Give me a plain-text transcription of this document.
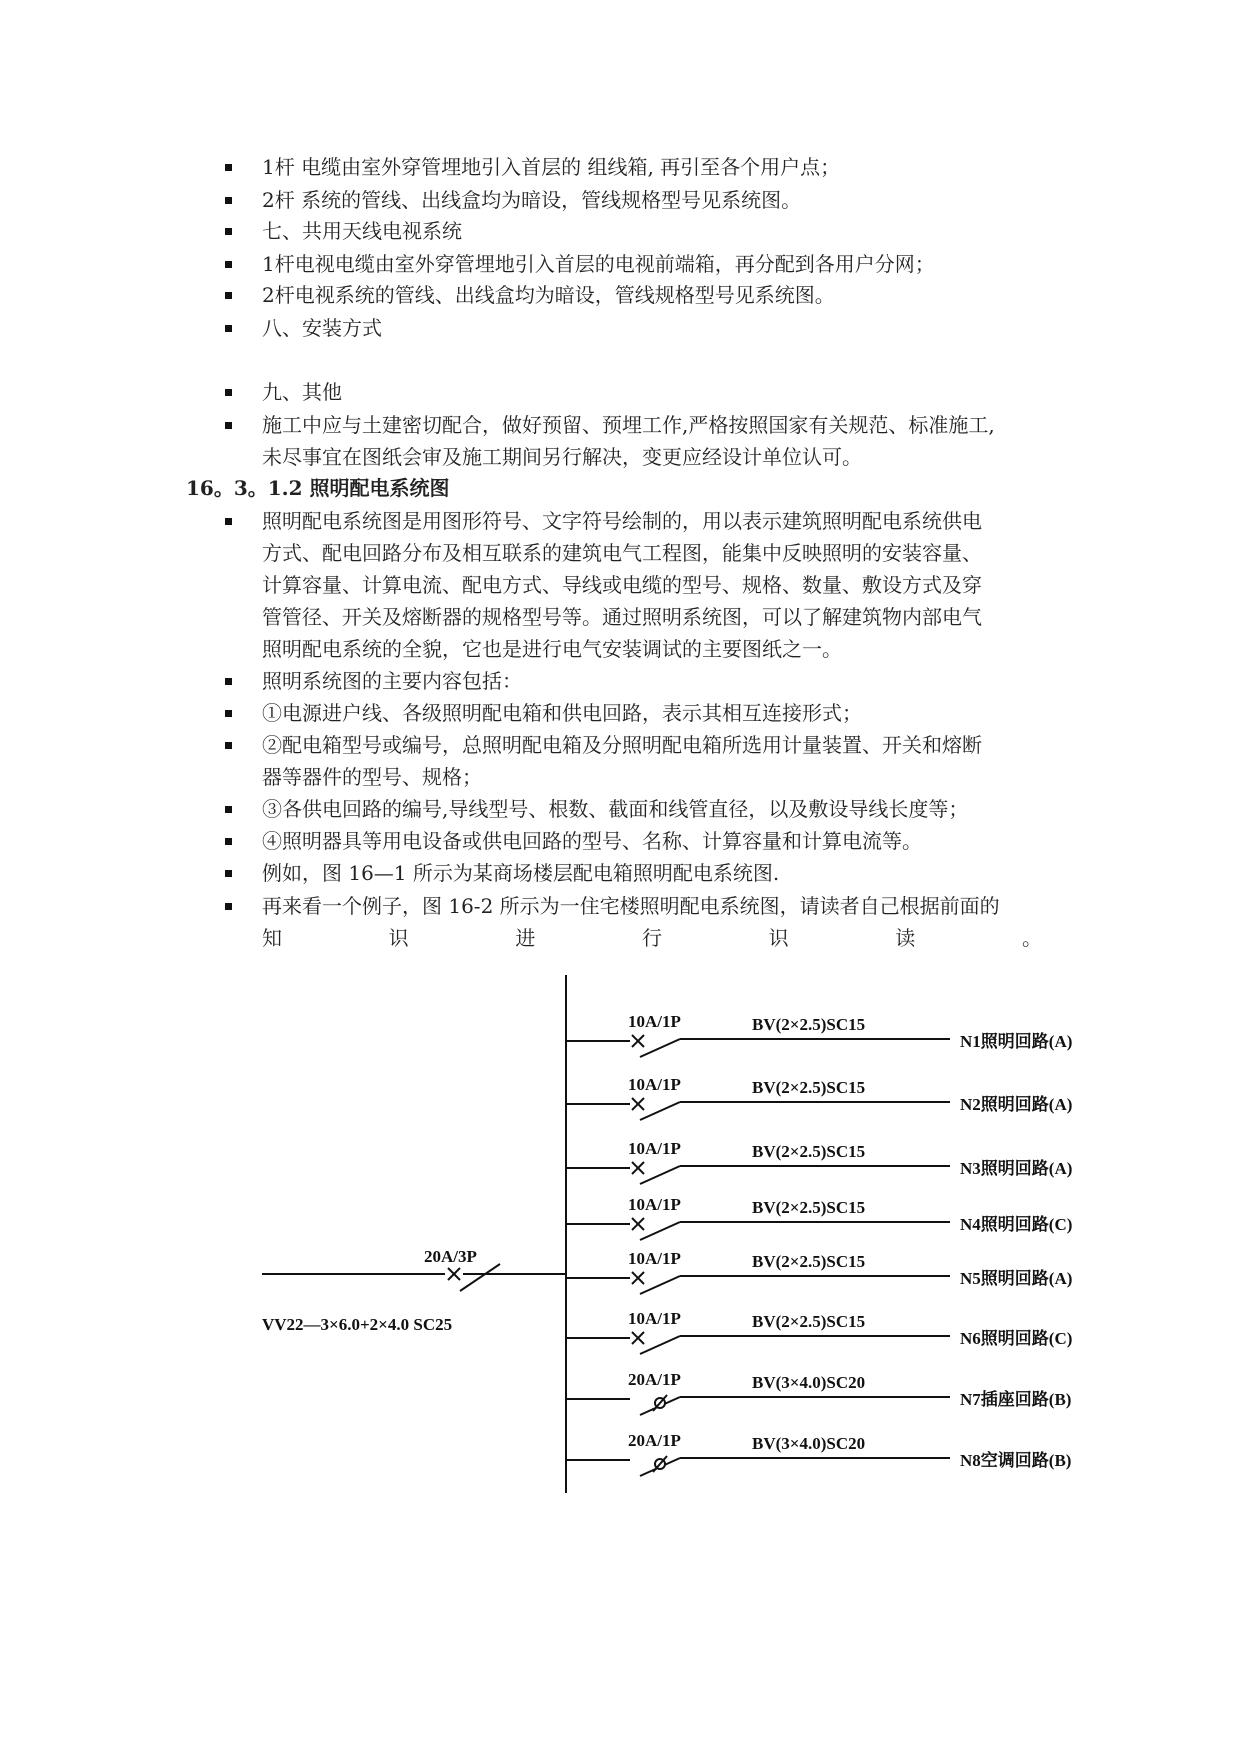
1杆 电缆由室外穿管埋地引入首层的 组线箱, 再引至各个用户点；
2杆 系统的管线、出线盒均为暗设，管线规格型号见系统图。
七、共用天线电视系统
1杆电视电缆由室外穿管埋地引入首层的电视前端箱，再分配到各用户分网；
2杆电视系统的管线、出线盒均为暗设，管线规格型号见系统图。
八、安装方式
九、其他
施工中应与土建密切配合，做好预留、预埋工作,严格按照国家有关规范、标准施工,
未尽事宜在图纸会审及施工期间另行解决，变更应经设计单位认可。
16。3。1.2 照明配电系统图
照明配电系统图是用图形符号、文字符号绘制的，用以表示建筑照明配电系统供电
方式、配电回路分布及相互联系的建筑电气工程图，能集中反映照明的安装容量、
计算容量、计算电流、配电方式、导线或电缆的型号、规格、数量、敷设方式及穿
管管径、开关及熔断器的规格型号等。通过照明系统图，可以了解建筑物内部电气
照明配电系统的全貌，它也是进行电气安装调试的主要图纸之一。
照明系统图的主要内容包括：
①电源进户线、各级照明配电箱和供电回路，表示其相互连接形式；
②配电箱型号或编号，总照明配电箱及分照明配电箱所选用计量装置、开关和熔断
器等器件的型号、规格；
③各供电回路的编号,导线型号、根数、截面和线管直径，以及敷设导线长度等；
④照明器具等用电设备或供电回路的型号、名称、计算容量和计算电流等。
例如，图 16—1 所示为某商场楼层配电箱照明配电系统图.
再来看一个例子，图 16-2 所示为一住宅楼照明配电系统图，请读者自己根据前面的
知	识	进	行	识	读	。
20A/3P
VV22—3×6.0+2×4.0 SC25
10A/1P	BV(2×2.5)SC15
N1照明回路(A)
10A/1P	BV(2×2.5)SC15
N2照明回路(A)
10A/1P	BV(2×2.5)SC15
N3照明回路(A)
10A/1P	BV(2×2.5)SC15
N4照明回路(C)
10A/1P	BV(2×2.5)SC15
N5照明回路(A)
10A/1P	BV(2×2.5)SC15
N6照明回路(C)
20A/1P	BV(3×4.0)SC20
N7插座回路(B)
20A/1P	BV(3×4.0)SC20
N8空调回路(B)
